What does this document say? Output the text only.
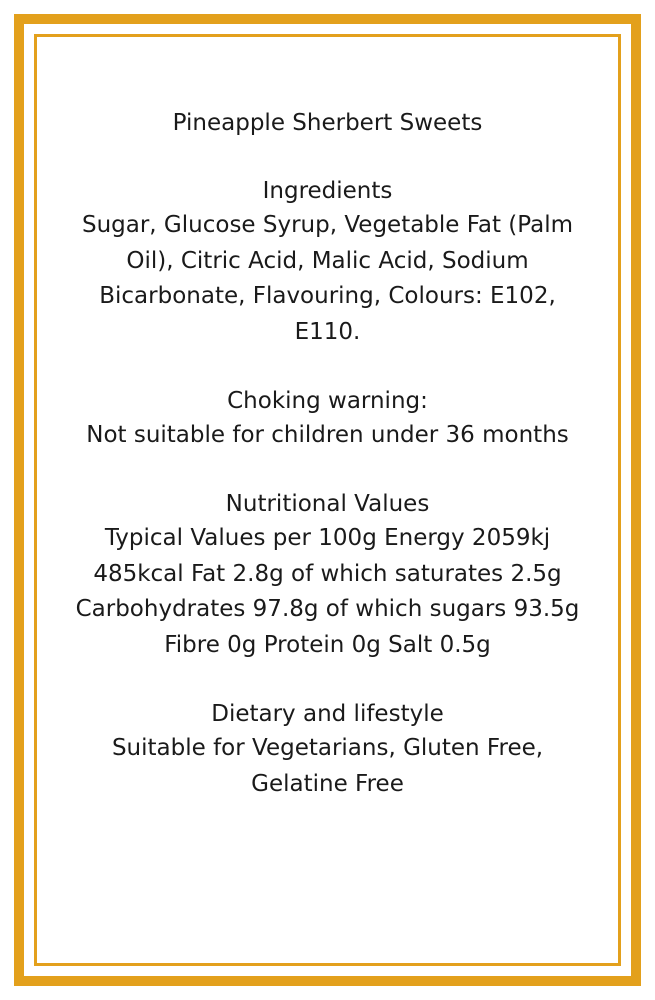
Pineapple Sherbert Sweets
Ingredients
Sugar, Glucose Syrup, Vegetable Fat (Palm Oil), Citric Acid, Malic Acid, Sodium Bicarbonate, Flavouring, Colours: E102, E110.
Choking warning:
Not suitable for children under 36 months
Nutritional Values
Typical Values per 100g Energy 2059kj 485kcal Fat 2.8g of which saturates 2.5g Carbohydrates 97.8g of which sugars 93.5g Fibre 0g Protein 0g Salt 0.5g
Dietary and lifestyle
Suitable for Vegetarians, Gluten Free, Gelatine Free
